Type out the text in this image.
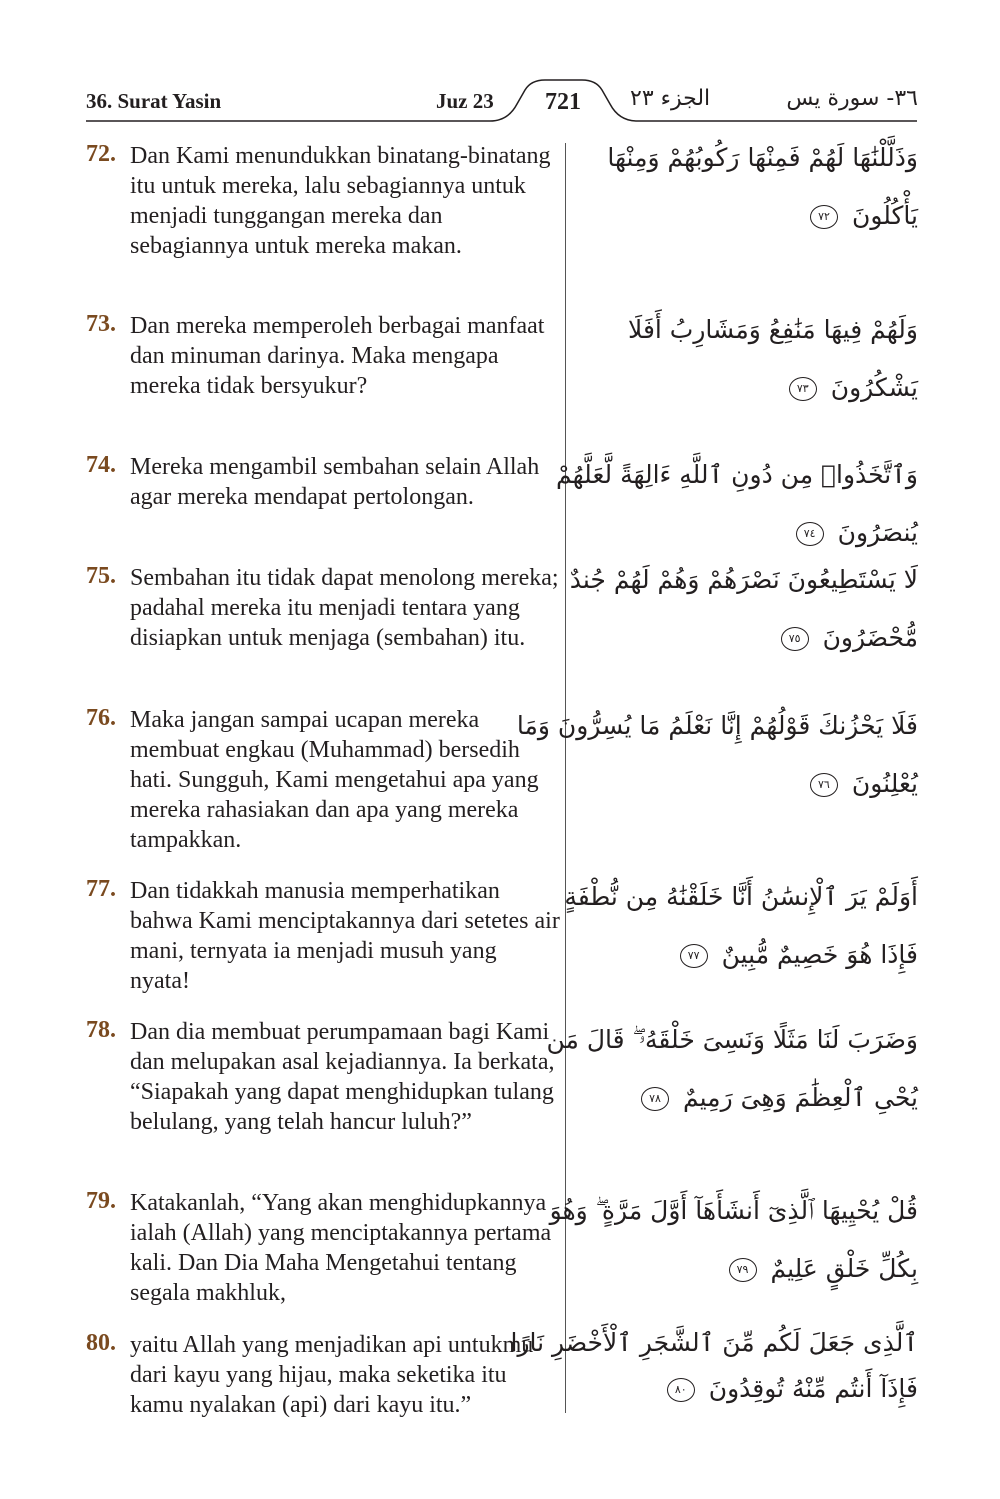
36. Surat Yasin	Juz 23	721	الجزء ٢٣	٣٦- سورة يس
72. Dan Kami menundukkan binatang-binatang itu untuk mereka, lalu sebagiannya untuk menjadi tunggangan mereka dan sebagiannya untuk mereka makan.
وَذَلَّلْنَٰهَا لَهُمْ فَمِنْهَا رَكُوبُهُمْ وَمِنْهَا
يَأْكُلُونَ ٧٢
73. Dan mereka memperoleh berbagai manfaat dan minuman darinya. Maka mengapa mereka tidak bersyukur?
وَلَهُمْ فِيهَا مَنَٰفِعُ وَمَشَارِبُ أَفَلَا
يَشْكُرُونَ ٧٣
74. Mereka mengambil sembahan selain Allah agar mereka mendapat pertolongan.
وَٱتَّخَذُوا۟ مِن دُونِ ٱللَّهِ ءَالِهَةً لَّعَلَّهُمْ
يُنصَرُونَ ٧٤
75. Sembahan itu tidak dapat menolong mereka; padahal mereka itu menjadi tentara yang disiapkan untuk menjaga (sembahan) itu.
لَا يَسْتَطِيعُونَ نَصْرَهُمْ وَهُمْ لَهُمْ جُندٌ
مُّحْضَرُونَ ٧٥
76. Maka jangan sampai ucapan mereka membuat engkau (Muhammad) bersedih hati. Sungguh, Kami mengetahui apa yang mereka rahasiakan dan apa yang mereka tampakkan.
فَلَا يَحْزُنكَ قَوْلُهُمْ إِنَّا نَعْلَمُ مَا يُسِرُّونَ وَمَا
يُعْلِنُونَ ٧٦
77. Dan tidakkah manusia memperhatikan bahwa Kami menciptakannya dari setetes air mani, ternyata ia menjadi musuh yang nyata!
أَوَلَمْ يَرَ ٱلْإِنسَٰنُ أَنَّا خَلَقْنَٰهُ مِن نُّطْفَةٍ
فَإِذَا هُوَ خَصِيمٌ مُّبِينٌ ٧٧
78. Dan dia membuat perumpamaan bagi Kami dan melupakan asal kejadiannya. Ia berkata, “Siapakah yang dapat menghidupkan tulang belulang, yang telah hancur luluh?”
وَضَرَبَ لَنَا مَثَلًا وَنَسِىَ خَلْقَهُۥ ۖ قَالَ مَن
يُحْىِ ٱلْعِظَٰمَ وَهِىَ رَمِيمٌ ٧٨
79. Katakanlah, “Yang akan menghidupkannya ialah (Allah) yang menciptakannya pertama kali. Dan Dia Maha Mengetahui tentang segala makhluk,
قُلْ يُحْيِيهَا ٱلَّذِىٓ أَنشَأَهَآ أَوَّلَ مَرَّةٍ ۖ وَهُوَ
بِكُلِّ خَلْقٍ عَلِيمٌ ٧٩
80. yaitu Allah yang menjadikan api untukmu dari kayu yang hijau, maka seketika itu kamu nyalakan (api) dari kayu itu.”
ٱلَّذِى جَعَلَ لَكُم مِّنَ ٱلشَّجَرِ ٱلْأَخْضَرِ نَارًا
فَإِذَآ أَنتُم مِّنْهُ تُوقِدُونَ ٨٠
